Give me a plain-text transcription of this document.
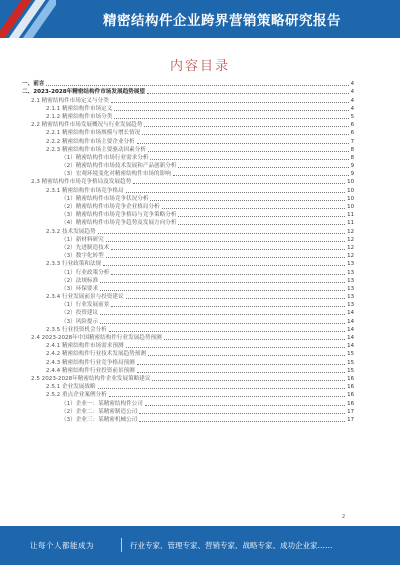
精密结构件企业跨界营销策略研究报告
内容目录
一、前言	4
二、2023-2028年精密结构件市场发展趋势展望	4
2.1 精密结构件市场定义与分类	4
2.1.1 精密结构件市场定义	4
2.1.2 精密结构件市场分类	5
2.2 精密结构件市场发展概况与行业发展趋势	6
2.2.1 精密结构件市场规模与增长情况	6
2.2.2 精密结构件市场主要企业分析	7
2.2.3 精密结构件市场主要驱动因素分析	8
（1）精密结构件市场行业需求分析	8
（2）精密结构件市场技术发展和产品创新分析	9
（3）宏观环境变化对精密结构件市场的影响	9
2.3 精密结构件市场竞争格局及发展趋势	10
2.3.1 精密结构件市场竞争格局	10
（1）精密结构件市场竞争状况分析	10
（2）精密结构件市场竞争企业格局分析	10
（3）精密结构件市场竞争格局与竞争策略分析	11
（4）精密结构件市场竞争趋势及发展方向分析	11
2.3.2 技术发展趋势	12
（1）新材料研究	12
（2）先进制造技术	12
（3）数字化转型	12
2.3.3 行业政策和法规	13
（1）行业政策分析	13
（2）法规标准	13
（3）环保要求	13
2.3.4 行业发展前景与投资建议	13
（1）行业发展前景	13
（2）投资建议	14
（3）风险提示	14
2.3.5 行业投资机会分析	14
2.4 2023-2028年中国精密结构件行业发展趋势预测	14
2.4.1 精密结构件市场需求预测	14
2.4.2 精密结构件行业技术发展趋势预测	15
2.4.3 精密结构件行业竞争格局预测	15
2.4.4 精密结构件行业投资前景预测	15
2.5 2023-2028年精密结构件企业发展策略建议	16
2.5.1 企业发展战略	16
2.5.2 重点企业案例分析	16
（1）企业一：某精密结构件公司	16
（2）企业二：某精密制造公司	17
（3）企业三：某精密机械公司	17
2
让每个人都能成为	行业专家、管理专家、营销专家、战略专家、成功企业家……
